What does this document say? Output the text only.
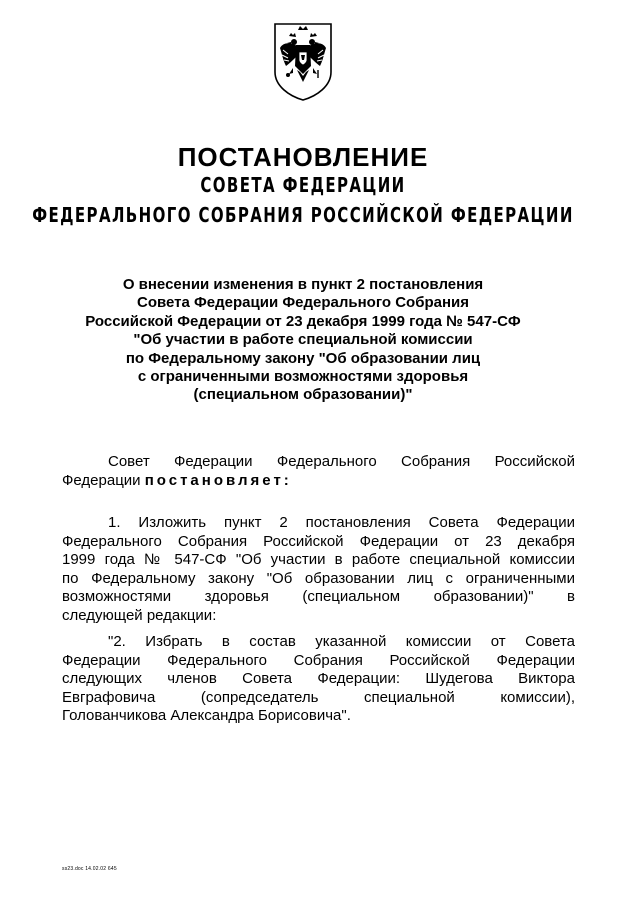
ПОСТАНОВЛЕНИЕ
СОВЕТА ФЕДЕРАЦИИ
ФЕДЕРАЛЬНОГО СОБРАНИЯ РОССИЙСКОЙ ФЕДЕРАЦИИ
О внесении изменения в пункт 2 постановления
Совета Федерации Федерального Собрания
Российской Федерации от 23 декабря 1999 года № 547-СФ
"Об участии в работе специальной комиссии
по Федеральному закону "Об образовании лиц
с ограниченными возможностями здоровья
(специальном образовании)"
Совет Федерации Федерального Собрания Российской
Федерации постановляет:
1. Изложить пункт 2 постановления Совета Федерации
Федерального Собрания Российской Федерации от 23 декабря
1999 года № 547-СФ "Об участии в работе специальной комиссии
по Федеральному закону "Об образовании лиц с ограниченными
возможностями здоровья (специальном образовании)" в
следующей редакции:
"2. Избрать в состав указанной комиссии от Совета
Федерации Федерального Собрания Российской Федерации
следующих членов Совета Федерации: Шудегова Виктора
Евграфовича (сопредседатель специальной комиссии),
Голованчикова Александра Борисовича".
ss23.doc 14.02.02 645
